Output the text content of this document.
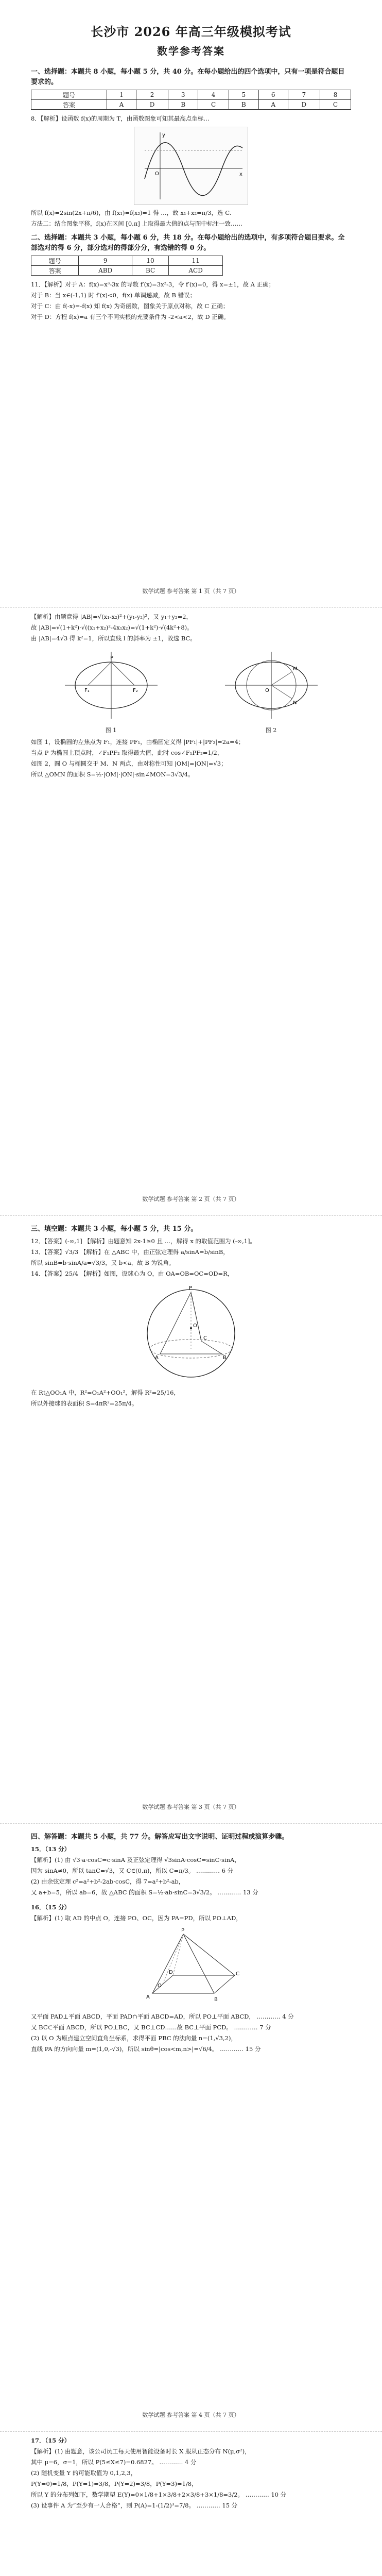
长沙市 2026 年高三年级模拟考试
数学参考答案
一、选择题：本题共 8 小题，每小题 5 分，共 40 分。在每小题给出的四个选项中，只有一项是符合题目要求的。
题号	1	2	3	4	5	6	7	8
答案	A	D	B	C	B	A	D	C

8．【解析】设函数 f(x)的周期为 T，由函数图象可知其最高点坐标…

x
y
O

所以 f(x)=2sin(2x+π/6)，由 f(x₁)=f(x₂)=1 得 …，故 x₁+x₂=π/3，选 C.

方法二：结合图象平移，f(x)在区间 [0,π] 上取得最大值的点与图中标注一致……

二、选择题：本题共 3 小题，每小题 6 分，共 18 分。在每小题给出的选项中，有多项符合题目要求。全部选对的得 6 分，部分选对的得部分分，有选错的得 0 分。
题号	9	10	11
答案	ABD	BC	ACD

11．【解析】对于 A：f(x)=x³-3x 的导数 f′(x)=3x²-3，令 f′(x)=0，得 x=±1，故 A 正确；

对于 B：当 x∈(-1,1) 时 f′(x)<0，f(x) 单调递减，故 B 错误；

对于 C：由 f(-x)=-f(x) 知 f(x) 为奇函数，图象关于原点对称，故 C 正确；

对于 D：方程 f(x)=a 有三个不同实根的充要条件为 -2<a<2，故 D 正确。

数学试题 参考答案 第 1 页（共 7 页）

【解析】由题意得 |AB|=√(x₁-x₂)²+(y₁-y₂)²，又 y₁+y₂=2，

故 |AB|=√(1+k²)·√((x₁+x₂)²-4x₁x₂)=√(1+k²)·√(4k²+8)。

由 |AB|=4√3 得 k²=1，所以直线 l 的斜率为 ±1，故选 BC。

P
F₁	F₂
图 1
M
N
O
图 2

如图 1，设椭圆的左焦点为 F₁，连接 PF₁，由椭圆定义得 |PF₁|+|PF₂|=2a=4；

当点 P 为椭圆上顶点时，∠F₁PF₂ 取得最大值，此时 cos∠F₁PF₂=1/2，

如图 2，圆 O 与椭圆交于 M、N 两点，由对称性可知 |OM|=|ON|=√3；

所以 △OMN 的面积 S=½·|OM|·|ON|·sin∠MON=3√3/4。

数学试题 参考答案 第 2 页（共 7 页）
三、填空题：本题共 3 小题，每小题 5 分，共 15 分。

12．【答案】(-∞,1] 【解析】由题意知 2x-1≥0 且 …，解得 x 的取值范围为 (-∞,1]。

13．【答案】√3/3 【解析】在 △ABC 中，由正弦定理得 a/sinA=b/sinB，

所以 sinB=b·sinA/a=√3/3，又 b<a，故 B 为锐角。

14．【答案】25/4 【解析】如图，设球心为 O，由 OA=OB=OC=OD=R，

O
P
A	B
C

在 Rt△OO₁A 中，R²=O₁A²+OO₁²，解得 R²=25/16，

所以外接球的表面积 S=4πR²=25π/4。

数学试题 参考答案 第 3 页（共 7 页）
四、解答题：本题共 5 小题，共 77 分。解答应写出文字说明、证明过程或演算步骤。

15．（13 分）

【解析】(1) 由 √3·a·cosC=c·sinA 及正弦定理得 √3sinA·cosC=sinC·sinA，

因为 sinA≠0，所以 tanC=√3，又 C∈(0,π)，所以 C=π/3。 ………… 6 分

(2) 由余弦定理 c²=a²+b²-2ab·cosC，得 7=a²+b²-ab，

又 a+b=5，所以 ab=6，故 △ABC 的面积 S=½·ab·sinC=3√3/2。 ………… 13 分

16．（15 分）

【解析】(1) 取 AD 的中点 O，连接 PO、OC，因为 PA=PD，所以 PO⊥AD，

P
A	B
C
D
O

又平面 PAD⊥平面 ABCD，平面 PAD∩平面 ABCD=AD，所以 PO⊥平面 ABCD， ………… 4 分

又 BC⊂平面 ABCD，所以 PO⊥BC，又 BC⊥CD……故 BC⊥平面 PCD。 ………… 7 分

(2) 以 O 为原点建立空间直角坐标系，求得平面 PBC 的法向量 n=(1,√3,2)，

直线 PA 的方向向量 m=(1,0,-√3)，所以 sinθ=|cos<m,n>|=√6/4。 ………… 15 分

数学试题 参考答案 第 4 页（共 7 页）

17．（15 分）

【解析】(1) 由题意，该公司员工每天使用智能设备时长 X 服从正态分布 N(μ,σ²)，

其中 μ=6，σ=1，所以 P(5≤X≤7)=0.6827。 ………… 4 分

(2) 随机变量 Y 的可能取值为 0,1,2,3，

P(Y=0)=1/8，P(Y=1)=3/8，P(Y=2)=3/8，P(Y=3)=1/8，

所以 Y 的分布列如下，数学期望 E(Y)=0×1/8+1×3/8+2×3/8+3×1/8=3/2。 ………… 10 分

(3) 设事件 A 为“至少有一人合格”，则 P(A)=1-(1/2)³=7/8。 ………… 15 分
